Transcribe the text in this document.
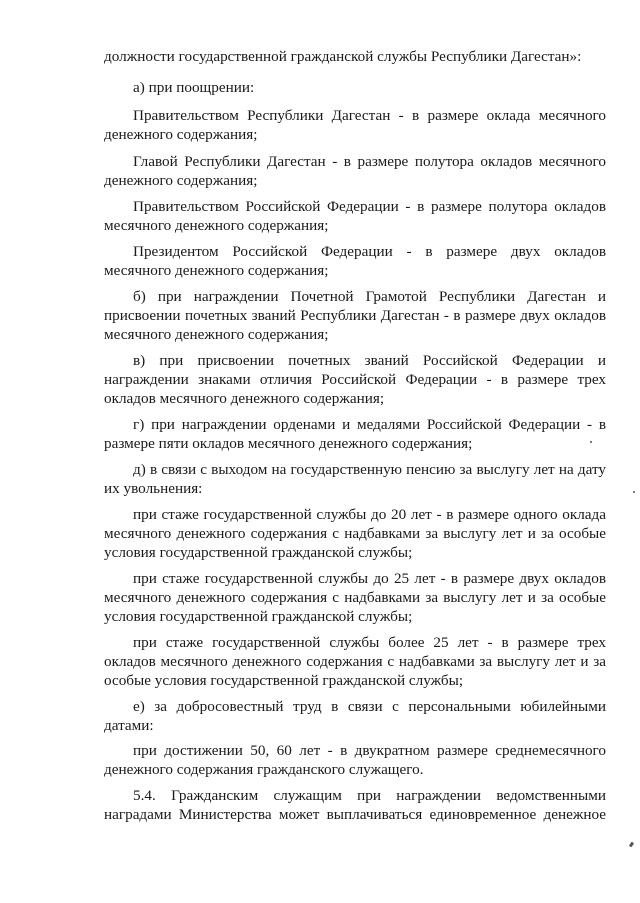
должности государственной гражданской службы Республики Дагестан»:

а) при поощрении:

Правительством Республики Дагестан - в размере оклада месячного денежного содержания;

Главой Республики Дагестан - в размере полутора окладов месячного денежного содержания;

Правительством Российской Федерации - в размере полутора окладов месячного денежного содержания;

Президентом Российской Федерации - в размере двух окладов месячного денежного содержания;

б) при награждении Почетной Грамотой Республики Дагестан и присвоении почетных званий Республики Дагестан - в размере двух окладов месячного денежного содержания;

в) при присвоении почетных званий Российской Федерации и награждении знаками отличия Российской Федерации - в размере трех окладов месячного денежного содержания;

г) при награждении орденами и медалями Российской Федерации - в размере пяти окладов месячного денежного содержания;

д) в связи с выходом на государственную пенсию за выслугу лет на дату их увольнения:

при стаже государственной службы до 20 лет - в размере одного оклада месячного денежного содержания с надбавками за выслугу лет и за особые условия государственной гражданской службы;

при стаже государственной службы до 25 лет - в размере двух окладов месячного денежного содержания с надбавками за выслугу лет и за особые условия государственной гражданской службы;

при стаже государственной службы более 25 лет - в размере трех окладов месячного денежного содержания с надбавками за выслугу лет и за особые условия государственной гражданской службы;

е) за добросовестный труд в связи с персональными юбилейными датами:

при достижении 50, 60 лет - в двукратном размере среднемесячного денежного содержания гражданского служащего.

5.4. Гражданским служащим при награждении ведомственными наградами Министерства может выплачиваться единовременное денежное
